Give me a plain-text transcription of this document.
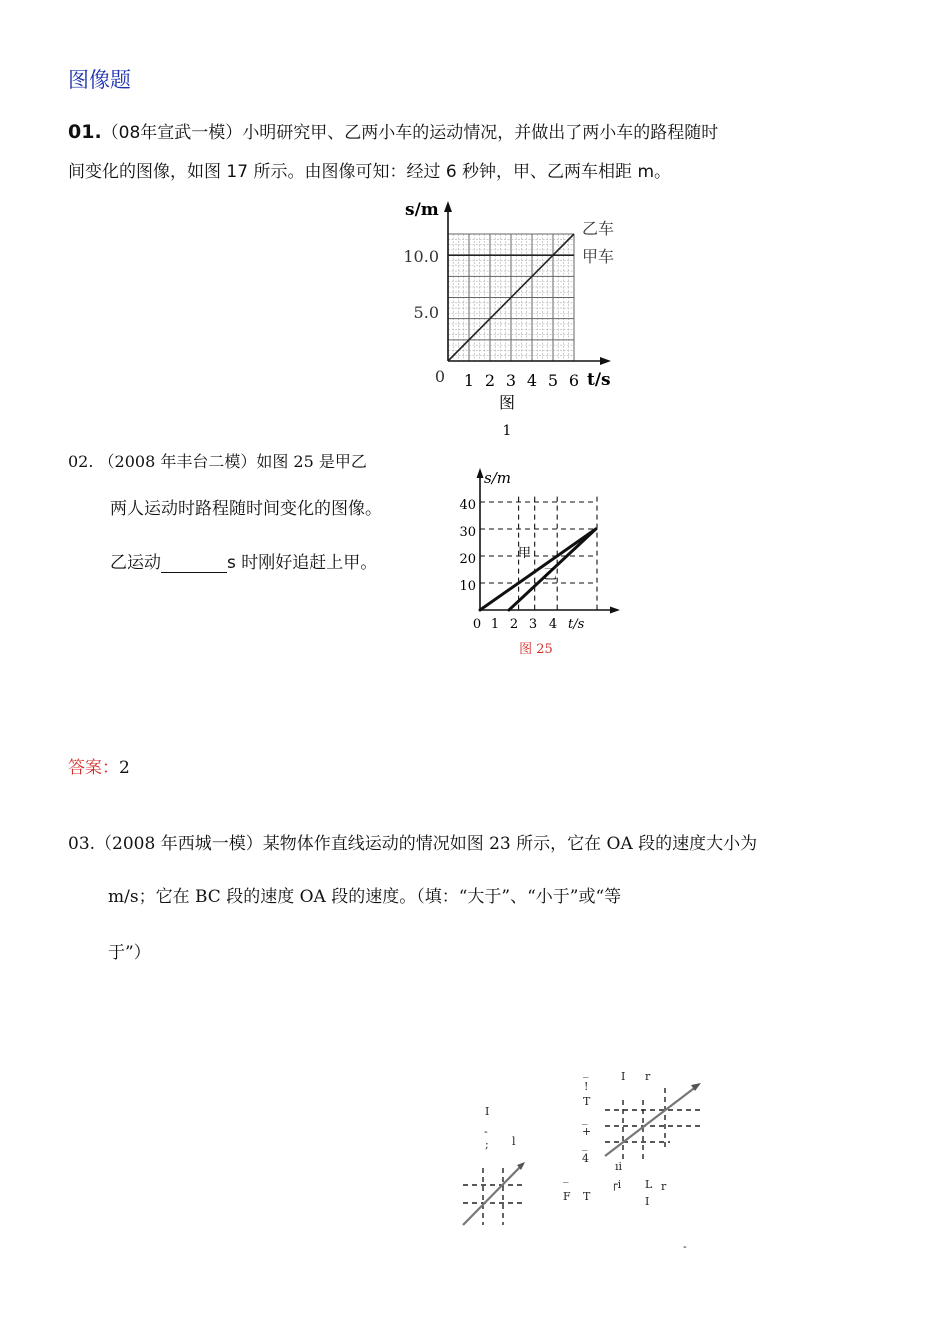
图像题
01.（08年宣武一模）小明研究甲、乙两小车的运动情况，并做出了两小车的路程随时
间变化的图像，如图 17 所示。由图像可知：经过 6 秒钟，甲、乙两车相距 m。
s/m
10.0
5.0
0 1 2 3 4 5 6 t/s
乙车
甲车
图
1
02. （2008 年丰台二模）如图 25 是甲乙
两人运动时路程随时间变化的图像。
乙运动	s 时刚好追赶上甲。
s/m
40
30
20
10
0 1 2 3 4 t/s
甲
乙
图 25
答案：2
03.（2008 年西城一模）某物体作直线运动的情况如图 23 所示，它在 OA 段的速度大小为
m/s；它在 BC 段的速度 OA 段的速度。（填：“大于”、“小于”或“等
于”）
I
l
-
;
_
!
T
_
+
_
4
_
F T
I r
ıi
┌i L r
I
-
